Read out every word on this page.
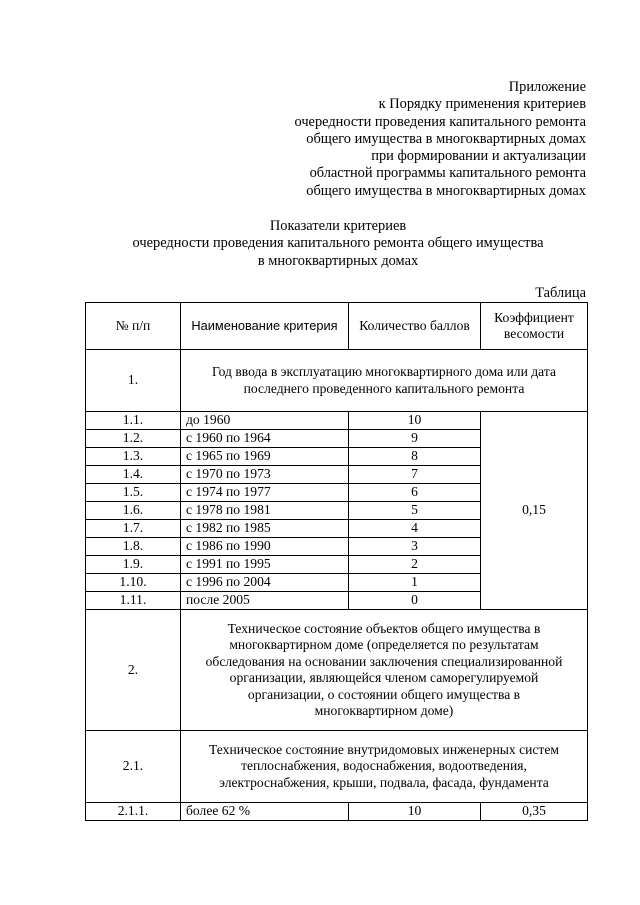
Приложение
к Порядку применения критериев
очередности проведения капитального ремонта
общего имущества в многоквартирных домах
при формировании и актуализации
областной программы капитального ремонта
общего имущества в многоквартирных домах
Показатели критериев
очередности проведения капитального ремонта общего имущества
в многоквартирных домах
Таблица
№ п/п	Наименование критерия	Количество баллов	Коэффициент весомости
1.	Год ввода в эксплуатацию многоквартирного дома или дата последнего проведенного капитального ремонта		
1.1.	до 1960	10	0,15
1.2.	с 1960 по 1964	9	
1.3.	с 1965 по 1969	8	
1.4.	с 1970 по 1973	7	
1.5.	с 1974 по 1977	6	
1.6.	с 1978 по 1981	5	
1.7.	с 1982 по 1985	4	
1.8.	с 1986 по 1990	3	
1.9.	с 1991 по 1995	2	
1.10.	с 1996 по 2004	1	
1.11.	после 2005	0	
2.	Техническое состояние объектов общего имущества в многоквартирном доме (определяется по результатам обследования на основании заключения специализированной организации, являющейся членом саморегулируемой организации, о состоянии общего имущества в многоквартирном доме)		
2.1.	Техническое состояние внутридомовых инженерных систем теплоснабжения, водоснабжения, водоотведения, электроснабжения, крыши, подвала, фасада, фундамента		
2.1.1.	более 62 %	10	0,35
